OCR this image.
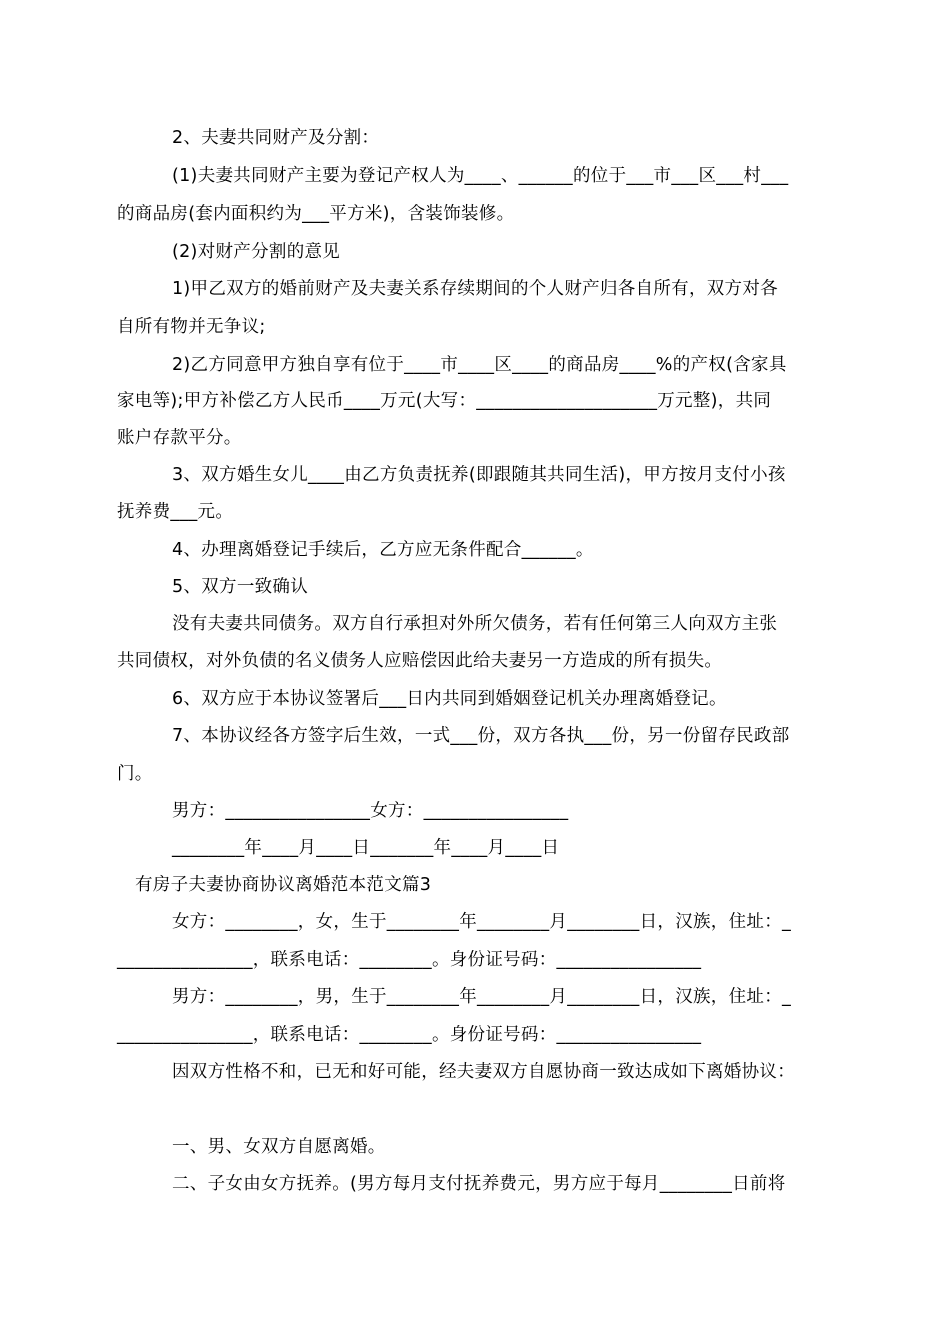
2、夫妻共同财产及分割：
(1)夫妻共同财产主要为登记产权人为____、______的位于___市___区___村___
的商品房(套内面积约为___平方米)，含装饰装修。
(2)对财产分割的意见
1)甲乙双方的婚前财产及夫妻关系存续期间的个人财产归各自所有，双方对各
自所有物并无争议;
2)乙方同意甲方独自享有位于____市____区____的商品房____%的产权(含家具
家电等);甲方补偿乙方人民币____万元(大写：____________________万元整)，共同
账户存款平分。
3、双方婚生女儿____由乙方负责抚养(即跟随其共同生活)，甲方按月支付小孩
抚养费___元。
4、办理离婚登记手续后，乙方应无条件配合______。
5、双方一致确认
没有夫妻共同债务。双方自行承担对外所欠债务，若有任何第三人向双方主张
共同债权，对外负债的名义债务人应赔偿因此给夫妻另一方造成的所有损失。
6、双方应于本协议签署后___日内共同到婚姻登记机关办理离婚登记。
7、本协议经各方签字后生效，一式___份，双方各执___份，另一份留存民政部
门。
男方：________________女方：________________
________年____月____日_______年____月____日
有房子夫妻协商协议离婚范本范文篇3
女方：________，女，生于________年________月________日，汉族，住址：_
_______________，联系电话：________。身份证号码：________________
男方：________，男，生于________年________月________日，汉族，住址：_
_______________，联系电话：________。身份证号码：________________
因双方性格不和，已无和好可能，经夫妻双方自愿协商一致达成如下离婚协议：
一、男、女双方自愿离婚。
二、子女由女方抚养。(男方每月支付抚养费元，男方应于每月________日前将
